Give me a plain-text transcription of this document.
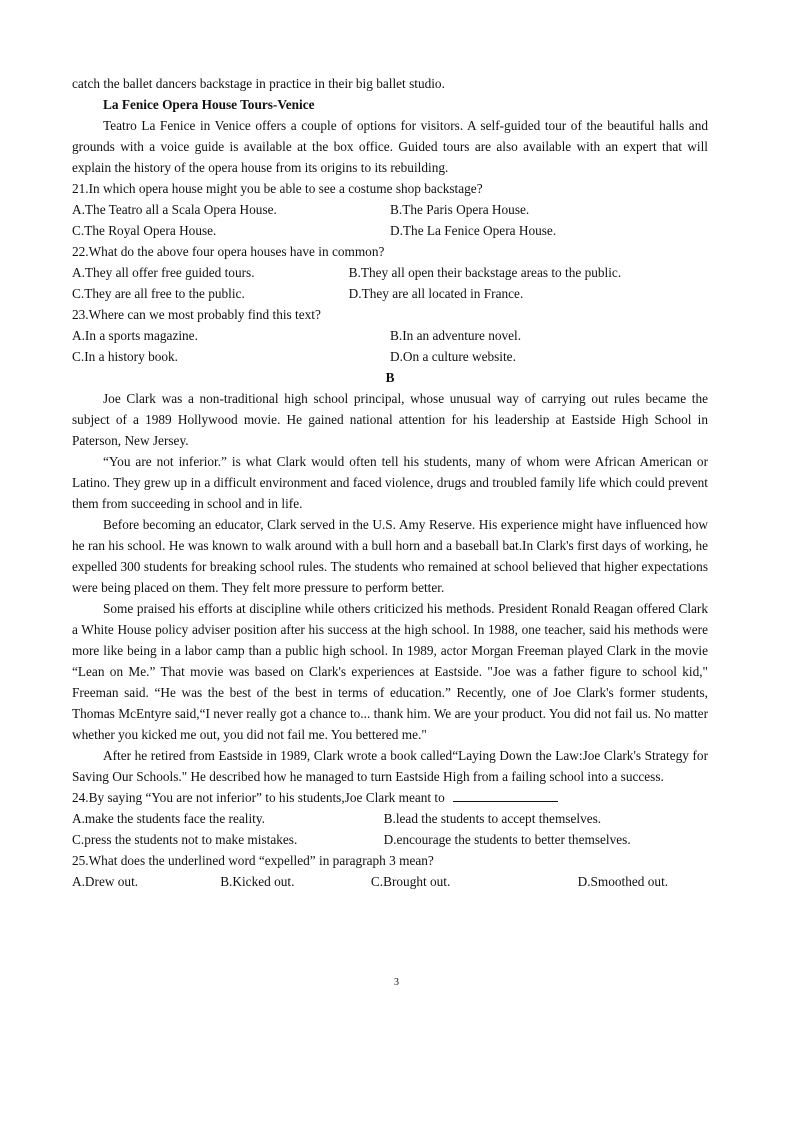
catch the ballet dancers backstage in practice in their big ballet studio.

La Fenice Opera House Tours-Venice

Teatro La Fenice in Venice offers a couple of options for visitors. A self-guided tour of the beautiful halls and grounds with a voice guide is available at the box office. Guided tours are also available with an expert that will explain the history of the opera house from its origins to its rebuilding.

21.In which opera house might you be able to see a costume shop backstage?

A.The Teatro all a Scala Opera House.	B.The Paris Opera House.
C.The Royal Opera House.	D.The La Fenice Opera House.

22.What do the above four opera houses have in common?

A.They all offer free guided tours.	B.They all open their backstage areas to the public.
C.They are all free to the public.	D.They are all located in France.

23.Where can we most probably find this text?

A.In a sports magazine.	B.In an adventure novel.
C.In a history book.	D.On a culture website.

B

Joe Clark was a non-traditional high school principal, whose unusual way of carrying out rules became the subject of a 1989 Hollywood movie. He gained national attention for his leadership at Eastside High School in Paterson, New Jersey.

“You are not inferior.” is what Clark would often tell his students, many of whom were African American or Latino. They grew up in a difficult environment and faced violence, drugs and troubled family life which could prevent them from succeeding in school and in life.

Before becoming an educator, Clark served in the U.S. Amy Reserve. His experience might have influenced how he ran his school. He was known to walk around with a bull horn and a baseball bat.In Clark's first days of working, he expelled 300 students for breaking school rules. The students who remained at school believed that higher expectations were being placed on them. They felt more pressure to perform better.

Some praised his efforts at discipline while others criticized his methods. President Ronald Reagan offered Clark a White House policy adviser position after his success at the high school. In 1988, one teacher, said his methods were more like being in a labor camp than a public high school. In 1989, actor Morgan Freeman played Clark in the movie “Lean on Me.” That movie was based on Clark's experiences at Eastside. "Joe was a father figure to school kid," Freeman said. “He was the best of the best in terms of education.” Recently, one of Joe Clark's former students, Thomas McEntyre said,“I never really got a chance to... thank him. We are your product. You did not fail us. No matter whether you kicked me out, you did not fail me. You bettered me."

After he retired from Eastside in 1989, Clark wrote a book called“Laying Down the Law:Joe Clark's Strategy for Saving Our Schools." He described how he managed to turn Eastside High from a failing school into a success.

24.By saying “You are not inferior” to his students,Joe Clark meant to

A.make the students face the reality.	B.lead the students to accept themselves.
C.press the students not to make mistakes.	D.encourage the students to better themselves.

25.What does the underlined word “expelled” in paragraph 3 mean?

A.Drew out.	B.Kicked out.	C.Brought out.	D.Smoothed out.
3
